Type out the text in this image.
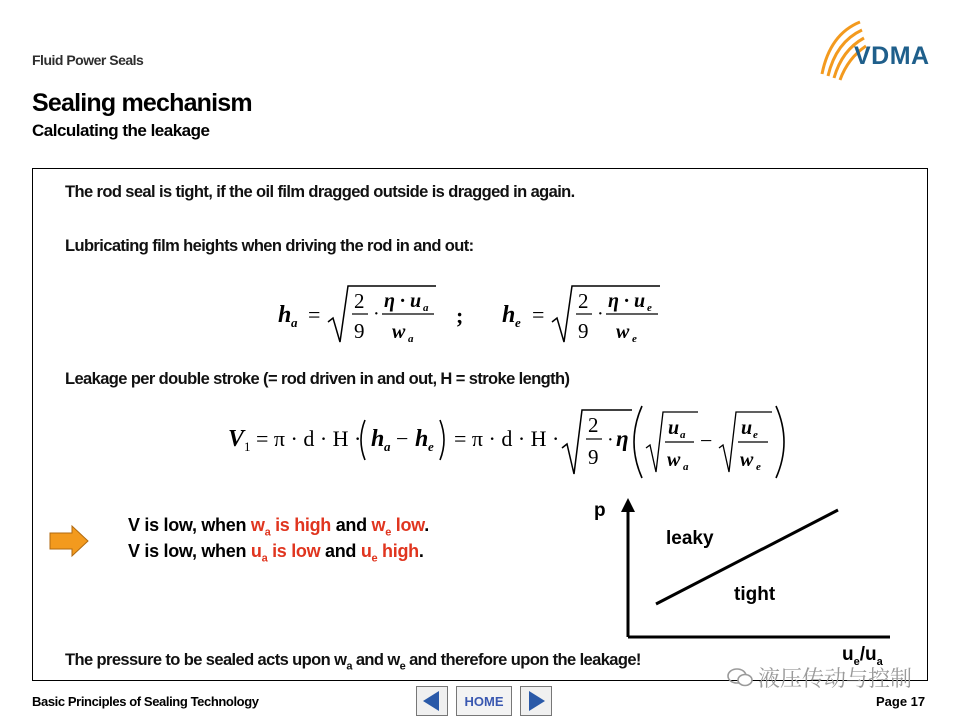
Fluid Power Seals
Sealing mechanism
Calculating the leakage
VDMA
The rod seal is tight, if the oil film dragged outside is dragged in again.
Lubricating film heights when driving the rod in and out:
h a =
2
9
·
η · u a
w a
; h e =
2
9
·
η · u e
w e
Leakage per double stroke (= rod driven in and out, H = stroke length)
V 1 = π · d · H · h a − h e = π · d · H ·
2
9
· η u a
w a
− u e
w e
V is low, when $w_a$ is high and $w_e$ low.
V is low, when $u_a$ is low and $u_e$ high.
p
leaky
tight
$u_e/u_a$
The pressure to be sealed acts upon $w_a$ and $w_e$ and therefore upon the leakage!
液压传动与控制
Basic Principles of Sealing Technology	HOME	Page 17
